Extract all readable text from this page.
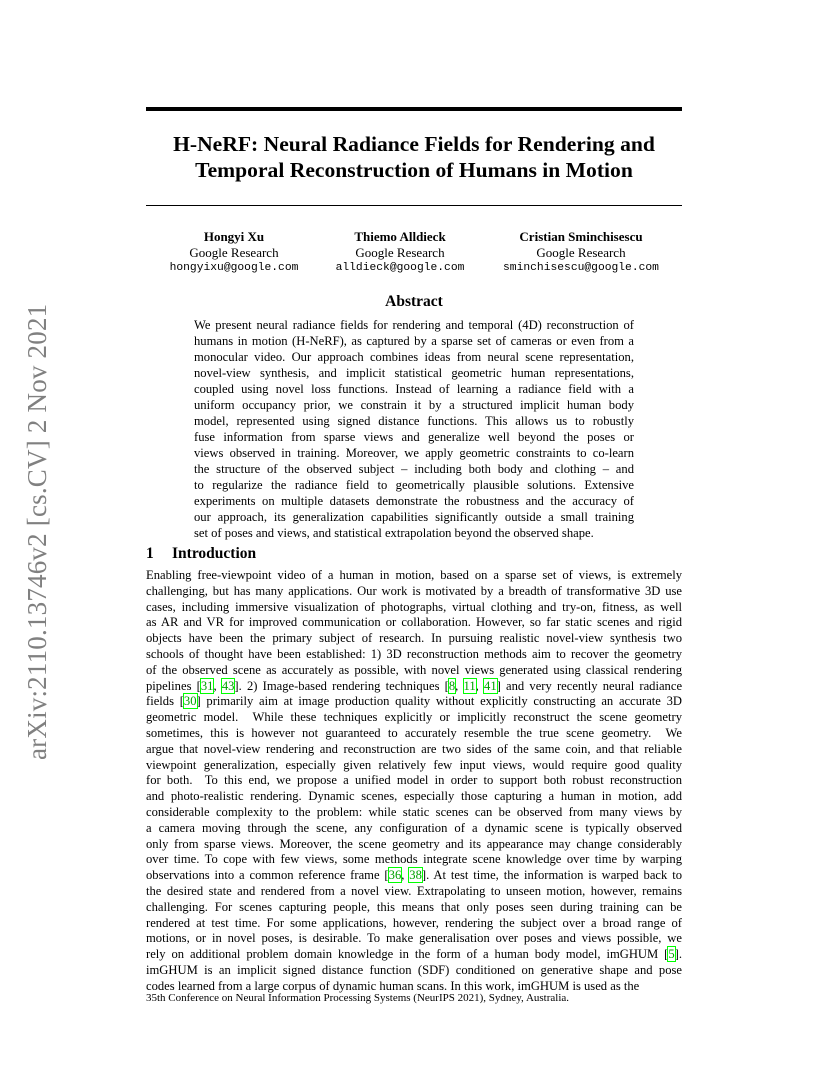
arXiv:2110.13746v2 [cs.CV] 2 Nov 2021
H-NeRF: Neural Radiance Fields for Rendering and
Temporal Reconstruction of Humans in Motion
Hongyi Xu
Google Research
hongyixu@google.com
Thiemo Alldieck
Google Research
alldieck@google.com
Cristian Sminchisescu
Google Research
sminchisescu@google.com
Abstract
We present neural radiance fields for rendering and temporal (4D) reconstruction of
humans in motion (H-NeRF), as captured by a sparse set of cameras or even from a
monocular video. Our approach combines ideas from neural scene representation,
novel-view synthesis, and implicit statistical geometric human representations,
coupled using novel loss functions. Instead of learning a radiance field with a
uniform occupancy prior, we constrain it by a structured implicit human body
model, represented using signed distance functions. This allows us to robustly
fuse information from sparse views and generalize well beyond the poses or
views observed in training. Moreover, we apply geometric constraints to co-learn
the structure of the observed subject – including both body and clothing – and
to regularize the radiance field to geometrically plausible solutions. Extensive
experiments on multiple datasets demonstrate the robustness and the accuracy of
our approach, its generalization capabilities significantly outside a small training
set of poses and views, and statistical extrapolation beyond the observed shape.
1 Introduction
Enabling free-viewpoint video of a human in motion, based on a sparse set of views, is extremely
challenging, but has many applications. Our work is motivated by a breadth of transformative 3D use
cases, including immersive visualization of photographs, virtual clothing and try-on, fitness, as well
as AR and VR for improved communication or collaboration. However, so far static scenes and rigid
objects have been the primary subject of research. In pursuing realistic novel-view synthesis two
schools of thought have been established: 1) 3D reconstruction methods aim to recover the geometry
of the observed scene as accurately as possible, with novel views generated using classical rendering
pipelines [31, 43]. 2) Image-based rendering techniques [8, 11, 41] and very recently neural radiance
fields [30] primarily aim at image production quality without explicitly constructing an accurate 3D
geometric model.  While these techniques explicitly or implicitly reconstruct the scene geometry
sometimes, this is however not guaranteed to accurately resemble the true scene geometry.  We
argue that novel-view rendering and reconstruction are two sides of the same coin, and that reliable
viewpoint generalization, especially given relatively few input views, would require good quality
for both.  To this end, we propose a unified model in order to support both robust reconstruction
and photo-realistic rendering. Dynamic scenes, especially those capturing a human in motion, add
considerable complexity to the problem: while static scenes can be observed from many views by
a camera moving through the scene, any configuration of a dynamic scene is typically observed
only from sparse views. Moreover, the scene geometry and its appearance may change considerably
over time. To cope with few views, some methods integrate scene knowledge over time by warping
observations into a common reference frame [36, 38]. At test time, the information is warped back to
the desired state and rendered from a novel view. Extrapolating to unseen motion, however, remains
challenging. For scenes capturing people, this means that only poses seen during training can be
rendered at test time. For some applications, however, rendering the subject over a broad range of
motions, or in novel poses, is desirable. To make generalisation over poses and views possible, we
rely on additional problem domain knowledge in the form of a human body model, imGHUM [5].
imGHUM is an implicit signed distance function (SDF) conditioned on generative shape and pose
codes learned from a large corpus of dynamic human scans. In this work, imGHUM is used as the
35th Conference on Neural Information Processing Systems (NeurIPS 2021), Sydney, Australia.
